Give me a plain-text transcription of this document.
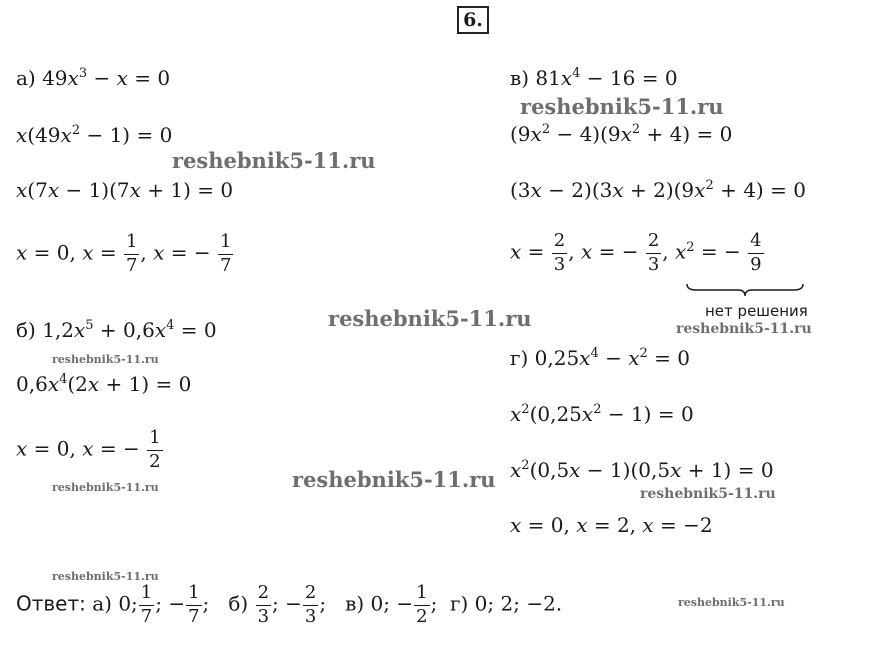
6.
а) $49x^3 - x = 0$
$x(49x^2 - 1) = 0$
x(7x − 1)(7x + 1) = 0
x = 0, $x = \frac{1}{7}$ , x = − $\frac{1}{7}$
б) $1,2x^5 + 0,6x^4 = 0$
$0,6x^4(2x + 1) = 0$
x = 0, x = − $\frac{1}{2}$
в) $81x^4 - 16 = 0$
$(9x^2 - 4)(9x^2 + 4) = 0$
$(3x - 2)(3x + 2)(9x^2 + 4) = 0$
$x = \frac{2}{3}$ , x = − $\frac{2}{3}$ , $x^2$ = − $\frac{4}{9}$
нет решения
г) $0,25x^4 - x^2 = 0$
$x^2(0,25x^2 - 1) = 0$
$x^2(0,5x - 1)(0,5x + 1) = 0$
x = 0, x = 2, x = −2
Ответ: а) 0; $\frac{1}{7}$ ; − $\frac{1}{7}$ ;   $б) \frac{2}{3}$ ; − $\frac{2}{3}$ ;   в) 0; − $\frac{1}{2}$ ;  г) 0; 2; −2.
reshebnik5-11.ru
reshebnik5-11.ru
reshebnik5-11.ru	reshebnik5-11.ru
reshebnik5-11.ru
reshebnik5-11.ru
reshebnik5-11.ru	reshebnik5-11.ru
reshebnik5-11.ru
reshebnik5-11.ru
